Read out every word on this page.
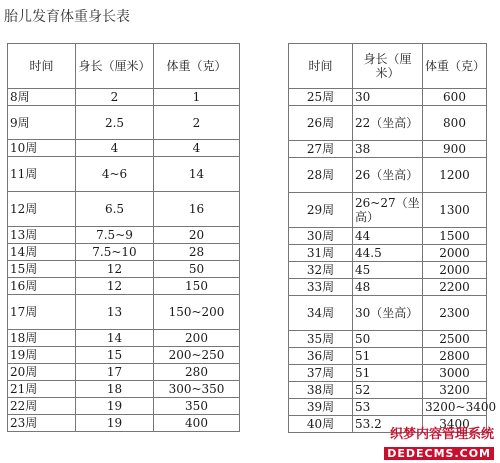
胎儿发育体重身长表
时间	身长（厘米）	体重（克）
8周	2	1
9周	2.5	2
10周	4	4
11周	4~6	14
12周	6.5	16
13周	7.5~9	20
14周	7.5~10	28
15周	12	50
16周	12	150
17周	13	150~200
18周	14	200
19周	15	200~250
20周	17	280
21周	18	300~350
22周	19	350
23周	19	400
时间	身长（厘米）	体重（克）
25周	30	600
26周	22（坐高）	800
27周	38	900
28周	26（坐高）	1200
29周	26~27（坐高）	1300
30周	44	1500
31周	44.5	2000
32周	45	2000
33周	48	2200
34周	30（坐高）	2300
35周	50	2500
36周	51	2800
37周	51	3000
38周	52	3200
39周	53	3200~3400
40周	53.2	3400
织梦内容管理系统
DEDECMS.COM
